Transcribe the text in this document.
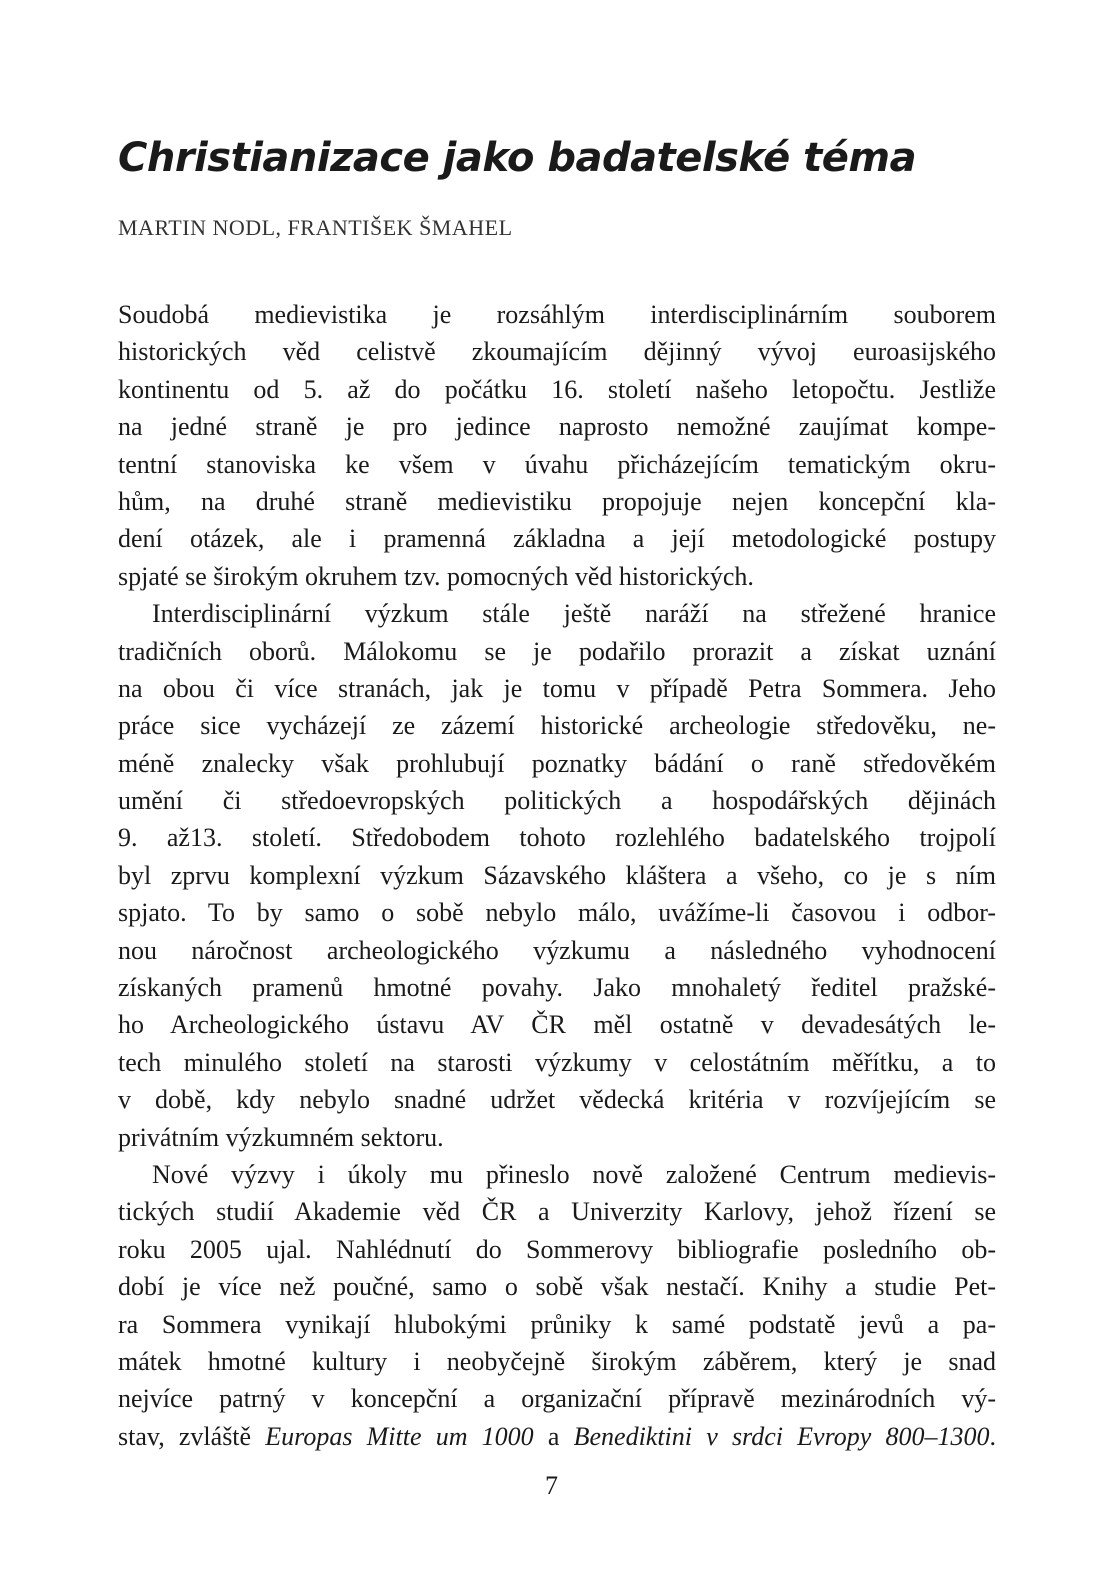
Christianizace jako badatelské téma
MARTIN NODL, FRANTIŠEK ŠMAHEL
Soudobá medievistika je rozsáhlým interdisciplinárním souborem
historických věd celistvě zkoumajícím dějinný vývoj euroasijského
kontinentu od 5. až do počátku 16. století našeho letopočtu. Jestliže
na jedné straně je pro jedince naprosto nemožné zaujímat kompe-
tentní stanoviska ke všem v úvahu přicházejícím tematickým okru-
hům, na druhé straně medievistiku propojuje nejen koncepční kla-
dení otázek, ale i pramenná základna a její metodologické postupy
spjaté se širokým okruhem tzv. pomocných věd historických.
Interdisciplinární výzkum stále ještě naráží na střežené hranice
tradičních oborů. Málokomu se je podařilo prorazit a získat uznání
na obou či více stranách, jak je tomu v případě Petra Sommera. Jeho
práce sice vycházejí ze zázemí historické archeologie středověku, ne-
méně znalecky však prohlubují poznatky bádání o raně středověkém
umění či středoevropských politických a hospodářských dějinách
9. až13. století. Středobodem tohoto rozlehlého badatelského trojpolí
byl zprvu komplexní výzkum Sázavského kláštera a všeho, co je s ním
spjato. To by samo o sobě nebylo málo, uvážíme-li časovou i odbor-
nou náročnost archeologického výzkumu a následného vyhodnocení
získaných pramenů hmotné povahy. Jako mnohaletý ředitel pražské-
ho Archeologického ústavu AV ČR měl ostatně v devadesátých le-
tech minulého století na starosti výzkumy v celostátním měřítku, a to
v době, kdy nebylo snadné udržet vědecká kritéria v rozvíjejícím se
privátním výzkumném sektoru.
Nové výzvy i úkoly mu přineslo nově založené Centrum medievis-
tických studií Akademie věd ČR a Univerzity Karlovy, jehož řízení se
roku 2005 ujal. Nahlédnutí do Sommerovy bibliografie posledního ob-
dobí je více než poučné, samo o sobě však nestačí. Knihy a studie Pet-
ra Sommera vynikají hlubokými průniky k samé podstatě jevů a pa-
mátek hmotné kultury i neobyčejně širokým záběrem, který je snad
nejvíce patrný v koncepční a organizační přípravě mezinárodních vý-
stav, zvláště Europas Mitte um 1000 a Benediktini v srdci Evropy 800–1300.
7
